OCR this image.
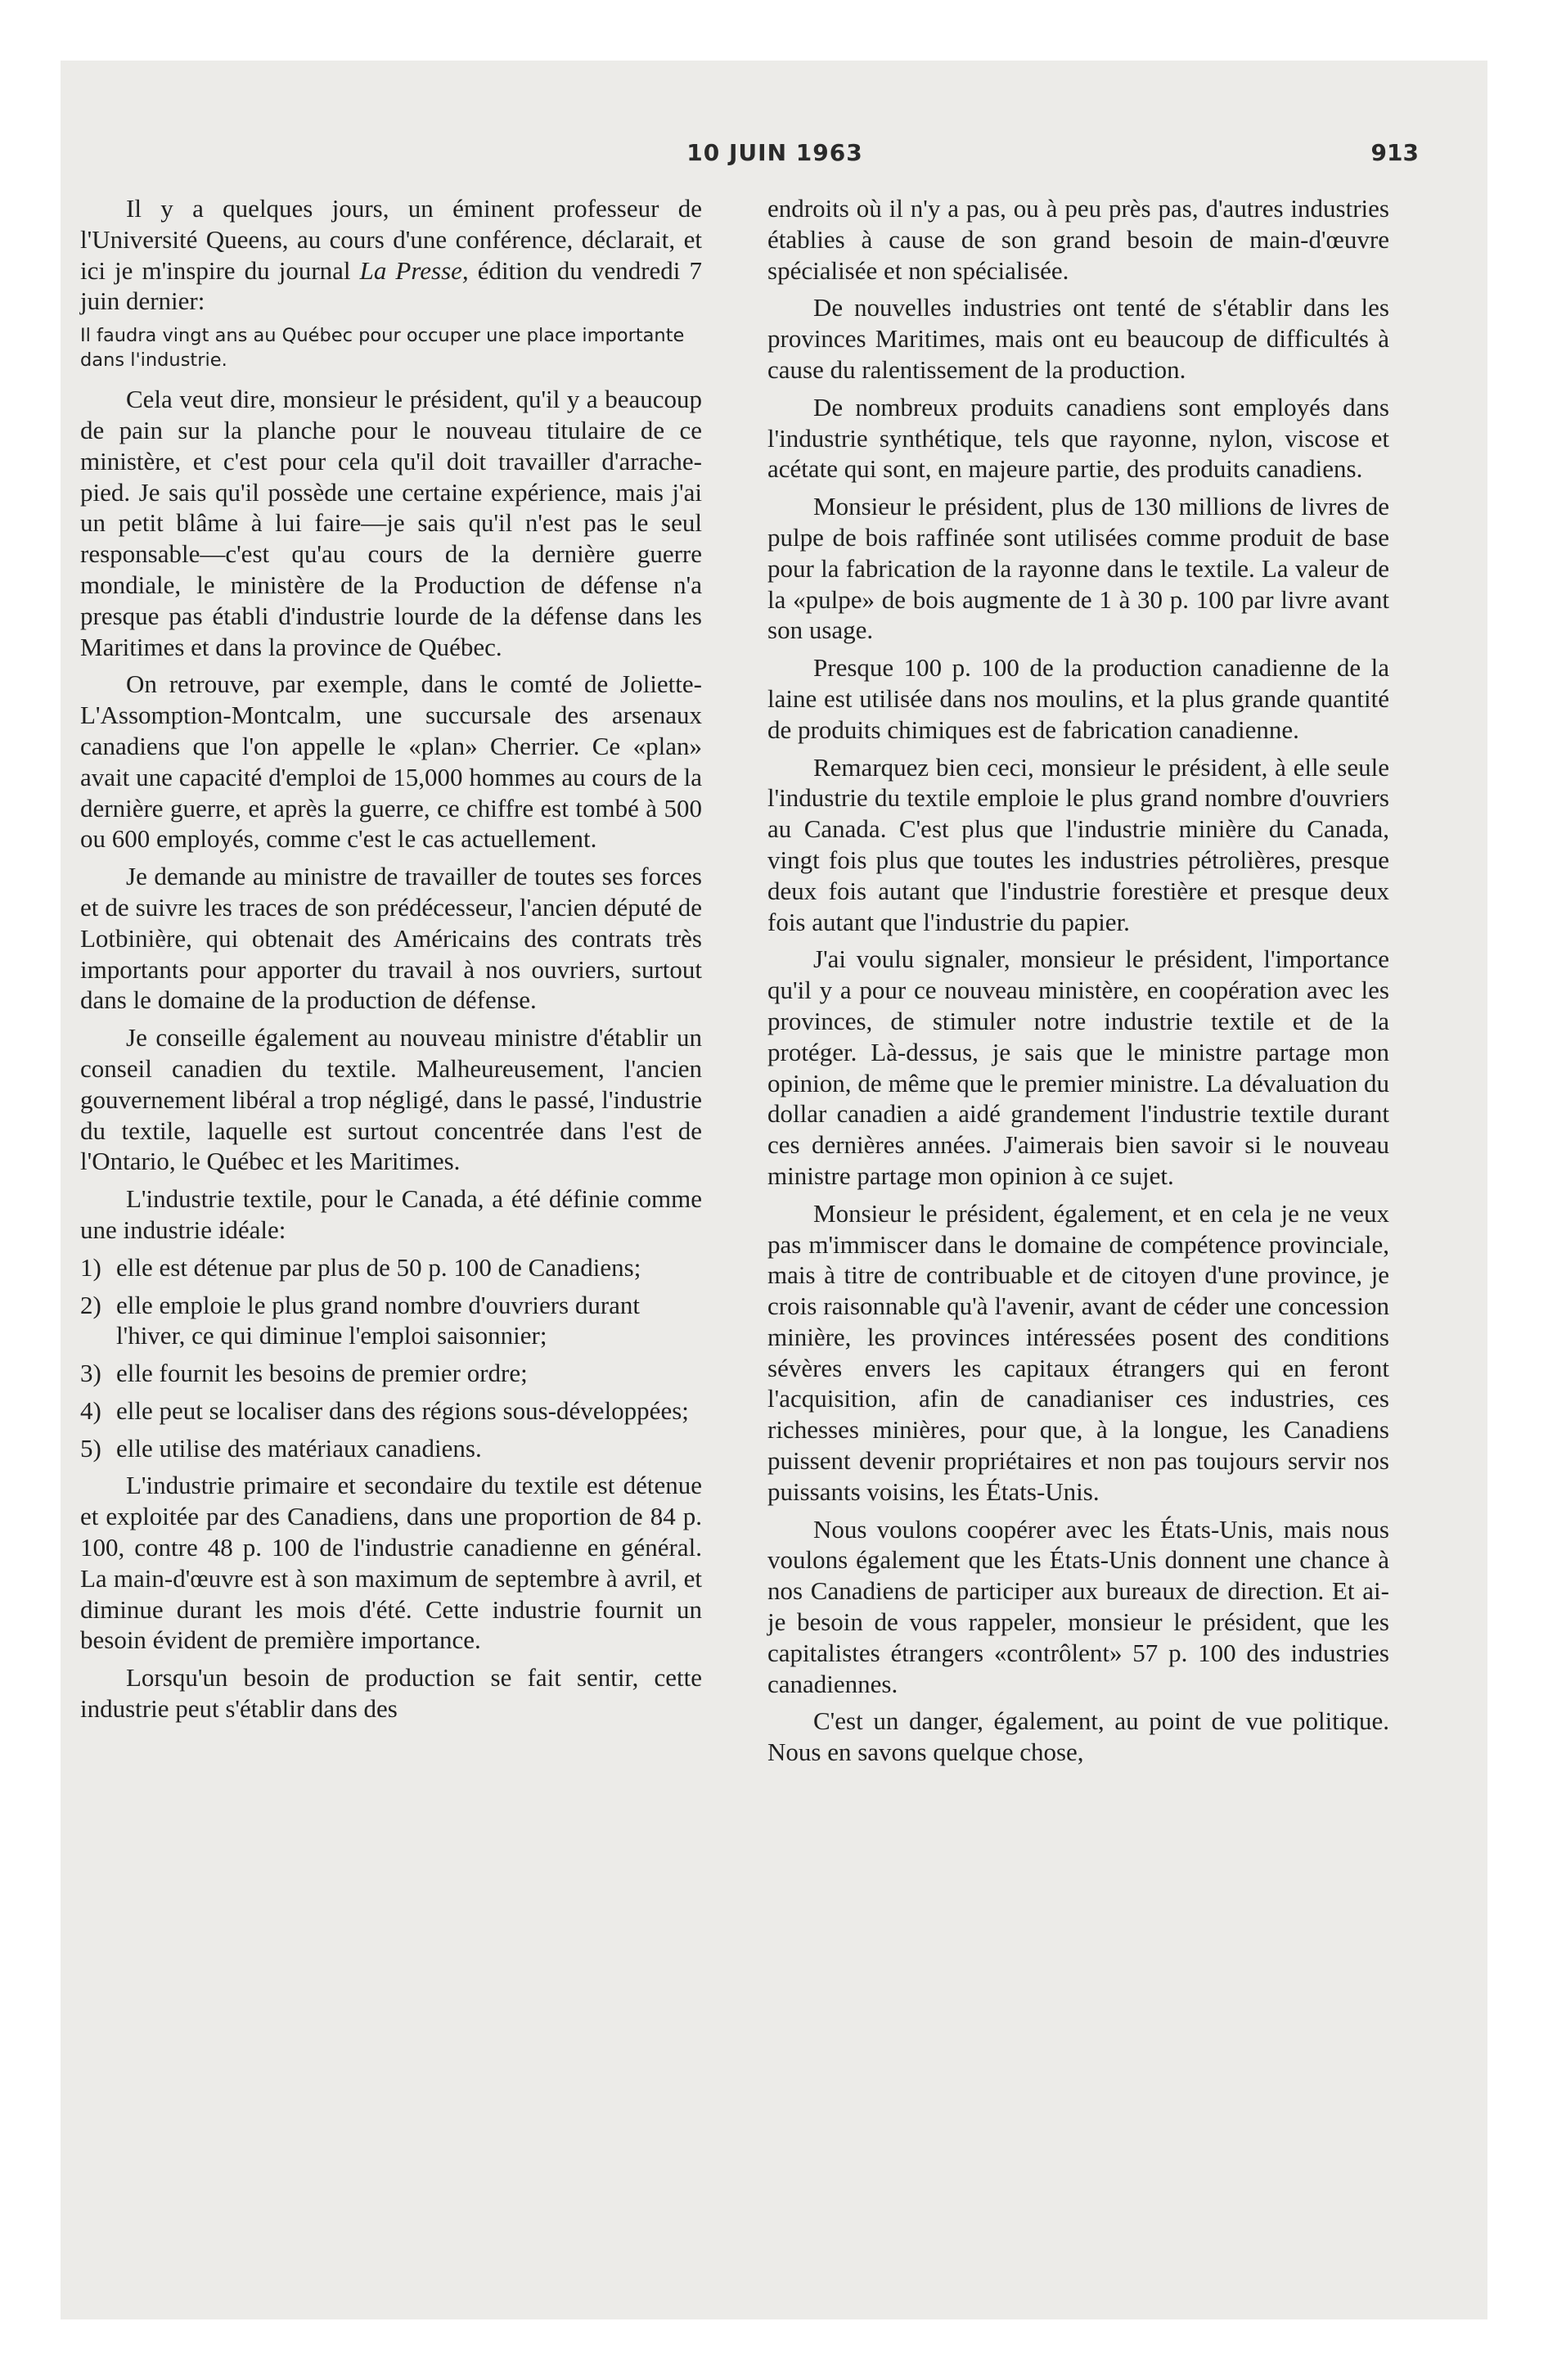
10 JUIN 1963	913

Il y a quelques jours, un éminent professeur de l'Université Queens, au cours d'une conférence, déclarait, et ici je m'inspire du journal La Presse, édition du vendredi 7 juin dernier:

Il faudra vingt ans au Québec pour occuper une place importante dans l'industrie.

Cela veut dire, monsieur le président, qu'il y a beaucoup de pain sur la planche pour le nouveau titulaire de ce ministère, et c'est pour cela qu'il doit travailler d'arrache-pied. Je sais qu'il possède une certaine expérience, mais j'ai un petit blâme à lui faire—je sais qu'il n'est pas le seul responsable—c'est qu'au cours de la dernière guerre mondiale, le ministère de la Production de défense n'a presque pas établi d'industrie lourde de la défense dans les Maritimes et dans la province de Québec.

On retrouve, par exemple, dans le comté de Joliette-L'Assomption-Montcalm, une succursale des arsenaux canadiens que l'on appelle le «plan» Cherrier. Ce «plan» avait une capacité d'emploi de 15,000 hommes au cours de la dernière guerre, et après la guerre, ce chiffre est tombé à 500 ou 600 employés, comme c'est le cas actuellement.

Je demande au ministre de travailler de toutes ses forces et de suivre les traces de son prédécesseur, l'ancien député de Lotbinière, qui obtenait des Américains des contrats très importants pour apporter du travail à nos ouvriers, surtout dans le domaine de la production de défense.

Je conseille également au nouveau ministre d'établir un conseil canadien du textile. Malheureusement, l'ancien gouvernement libéral a trop négligé, dans le passé, l'industrie du textile, laquelle est surtout concentrée dans l'est de l'Ontario, le Québec et les Maritimes.

L'industrie textile, pour le Canada, a été définie comme une industrie idéale:

1) elle est détenue par plus de 50 p. 100 de Canadiens;
2) elle emploie le plus grand nombre d'ouvriers durant l'hiver, ce qui diminue l'emploi saisonnier;
3) elle fournit les besoins de premier ordre;
4) elle peut se localiser dans des régions sous-développées;
5) elle utilise des matériaux canadiens.

L'industrie primaire et secondaire du textile est détenue et exploitée par des Canadiens, dans une proportion de 84 p. 100, contre 48 p. 100 de l'industrie canadienne en général. La main-d'œuvre est à son maximum de septembre à avril, et diminue durant les mois d'été. Cette industrie fournit un besoin évident de première importance.

Lorsqu'un besoin de production se fait sentir, cette industrie peut s'établir dans des

endroits où il n'y a pas, ou à peu près pas, d'autres industries établies à cause de son grand besoin de main-d'œuvre spécialisée et non spécialisée.

De nouvelles industries ont tenté de s'établir dans les provinces Maritimes, mais ont eu beaucoup de difficultés à cause du ralentissement de la production.

De nombreux produits canadiens sont employés dans l'industrie synthétique, tels que rayonne, nylon, viscose et acétate qui sont, en majeure partie, des produits canadiens.

Monsieur le président, plus de 130 millions de livres de pulpe de bois raffinée sont utilisées comme produit de base pour la fabrication de la rayonne dans le textile. La valeur de la «pulpe» de bois augmente de 1 à 30 p. 100 par livre avant son usage.

Presque 100 p. 100 de la production canadienne de la laine est utilisée dans nos moulins, et la plus grande quantité de produits chimiques est de fabrication canadienne.

Remarquez bien ceci, monsieur le président, à elle seule l'industrie du textile emploie le plus grand nombre d'ouvriers au Canada. C'est plus que l'industrie minière du Canada, vingt fois plus que toutes les industries pétrolières, presque deux fois autant que l'industrie forestière et presque deux fois autant que l'industrie du papier.

J'ai voulu signaler, monsieur le président, l'importance qu'il y a pour ce nouveau ministère, en coopération avec les provinces, de stimuler notre industrie textile et de la protéger. Là-dessus, je sais que le ministre partage mon opinion, de même que le premier ministre. La dévaluation du dollar canadien a aidé grandement l'industrie textile durant ces dernières années. J'aimerais bien savoir si le nouveau ministre partage mon opinion à ce sujet.

Monsieur le président, également, et en cela je ne veux pas m'immiscer dans le domaine de compétence provinciale, mais à titre de contribuable et de citoyen d'une province, je crois raisonnable qu'à l'avenir, avant de céder une concession minière, les provinces intéressées posent des conditions sévères envers les capitaux étrangers qui en feront l'acquisition, afin de canadianiser ces industries, ces richesses minières, pour que, à la longue, les Canadiens puissent devenir propriétaires et non pas toujours servir nos puissants voisins, les États-Unis.

Nous voulons coopérer avec les États-Unis, mais nous voulons également que les États-Unis donnent une chance à nos Canadiens de participer aux bureaux de direction. Et ai-je besoin de vous rappeler, monsieur le président, que les capitalistes étrangers «contrôlent» 57 p. 100 des industries canadiennes.

C'est un danger, également, au point de vue politique. Nous en savons quelque chose,
